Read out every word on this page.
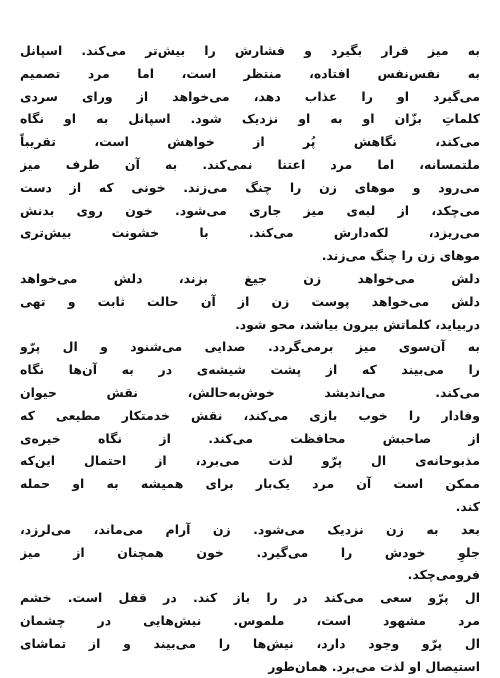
به میز قرار بگیرد و فشارش را بیش‌تر می‌کند. اسپانل
به نفس‌نفس افتاده، منتظر است، اما مرد تصمیم
می‌گیرد او را عذاب دهد، می‌خواهد از ورای سردی
کلماتِ بزّان او به او نزدیک شود. اسپانل به او نگاه
می‌کند، نگاهش پُر از خواهش است، تقریباً
ملتمسانه، اما مرد اعتنا نمی‌کند. به آن طرف میز
می‌رود و موهای زن را چنگ می‌زند. خونی که از دست
می‌چکد، از لبه‌ی میز جاری می‌شود. خون روی بدنش
می‌ریزد، لکه‌دارش می‌کند. با خشونت بیش‌تری
موهای زن را چنگ می‌زند.
دلش می‌خواهد زن جیغ بزند، دلش می‌خواهد
دلش می‌خواهد پوست زن از آن حالت ثابت و تهی
دربیاید، کلماتش بیرون بیاشد، محو شود.
به آن‌سوی میز برمی‌گردد. صدایی می‌شنود و ال پرّو
را می‌بیند که از پشت شیشه‌ی در به آن‌ها نگاه
می‌کند. می‌اندیشد خوش‌به‌حالش، نقش حیوان
وفادار را خوب بازی می‌کند، نقش خدمتکار مطیعی که
از صاحبش محافظت می‌کند. از نگاه خیره‌ی
مذبوحانه‌ی ال پرّو لذت می‌برد، از احتمال این‌که
ممکن است آن مرد یک‌بار برای همیشه به او حمله
کند.
بعد به زن نزدیک می‌شود. زن آرام می‌ماند، می‌لرزد،
جلوِ خودش را می‌گیرد. خون همچنان از میز
فرومی‌چکد.
ال پرّو سعی می‌کند در را باز کند. در قفل است. خشم
مرد مشهود است، ملموس. نیش‌هایی در چشمان
ال پرّو وجود دارد، نیش‌ها را می‌بیند و از تماشای
استیصال او لذت می‌برد. همان‌طور
